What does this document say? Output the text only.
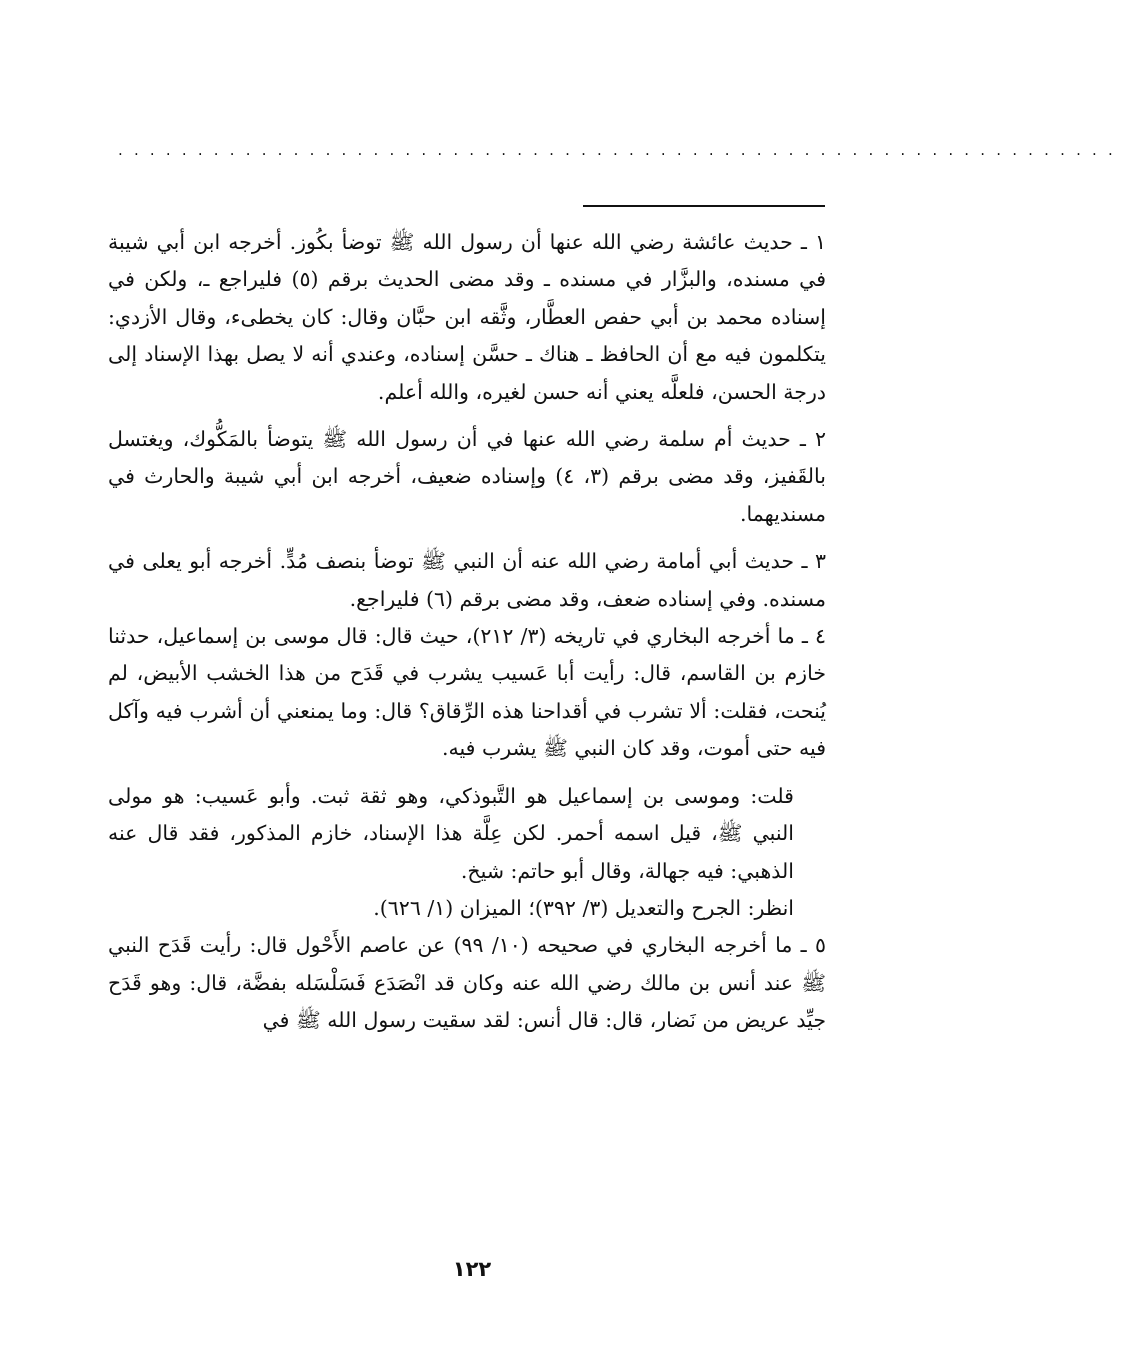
...............................................................

١ ـ حديث عائشة رضي الله عنها أن رسول الله ﷺ توضأ بكُوز. أخرجه ابن أبي شيبة في مسنده، والبزَّار في مسنده ـ وقد مضى الحديث برقم (٥) فليراجع ـ، ولكن في إسناده محمد بن أبي حفص العطَّار، وثَّقه ابن حبَّان وقال: كان يخطىء، وقال الأزدي: يتكلمون فيه مع أن الحافظ ـ هناك ـ حسَّن إسناده، وعندي أنه لا يصل بهذا الإسناد إلى درجة الحسن، فلعلَّه يعني أنه حسن لغيره، والله أعلم.

٢ ـ حديث أم سلمة رضي الله عنها في أن رسول الله ﷺ يتوضأ بالمَكُّوك، ويغتسل بالقَفيز، وقد مضى برقم (٣، ٤) وإسناده ضعيف، أخرجه ابن أبي شيبة والحارث في مسنديهما.

٣ ـ حديث أبي أمامة رضي الله عنه أن النبي ﷺ توضأ بنصف مُدٍّ. أخرجه أبو يعلى في مسنده. وفي إسناده ضعف، وقد مضى برقم (٦) فليراجع.

٤ ـ ما أخرجه البخاري في تاريخه (٣/ ٢١٢)، حيث قال: قال موسى بن إسماعيل، حدثنا خازم بن القاسم، قال: رأيت أبا عَسيب يشرب في قَدَح من هذا الخشب الأبيض، لم يُنحت، فقلت: ألا تشرب في أقداحنا هذه الرِّقاق؟ قال: وما يمنعني أن أشرب فيه وآكل فيه حتى أموت، وقد كان النبي ﷺ يشرب فيه.

قلت: وموسى بن إسماعيل هو التَّبوذكي، وهو ثقة ثبت. وأبو عَسيب: هو مولى النبي ﷺ، قيل اسمه أحمر. لكن عِلَّة هذا الإسناد، خازم المذكور، فقد قال عنه الذهبي: فيه جهالة، وقال أبو حاتم: شيخ.

انظر: الجرح والتعديل (٣/ ٣٩٢)؛ الميزان (١/ ٦٢٦).

٥ ـ ما أخرجه البخاري في صحيحه (١٠/ ٩٩) عن عاصم الأَحْول قال: رأيت قَدَح النبي ﷺ عند أنس بن مالك رضي الله عنه وكان قد انْصَدَع فَسَلْسَله بفضَّة، قال: وهو قَدَح جيِّد عريض من نَضار، قال: قال أنس: لقد سقيت رسول الله ﷺ في

١٢٢
